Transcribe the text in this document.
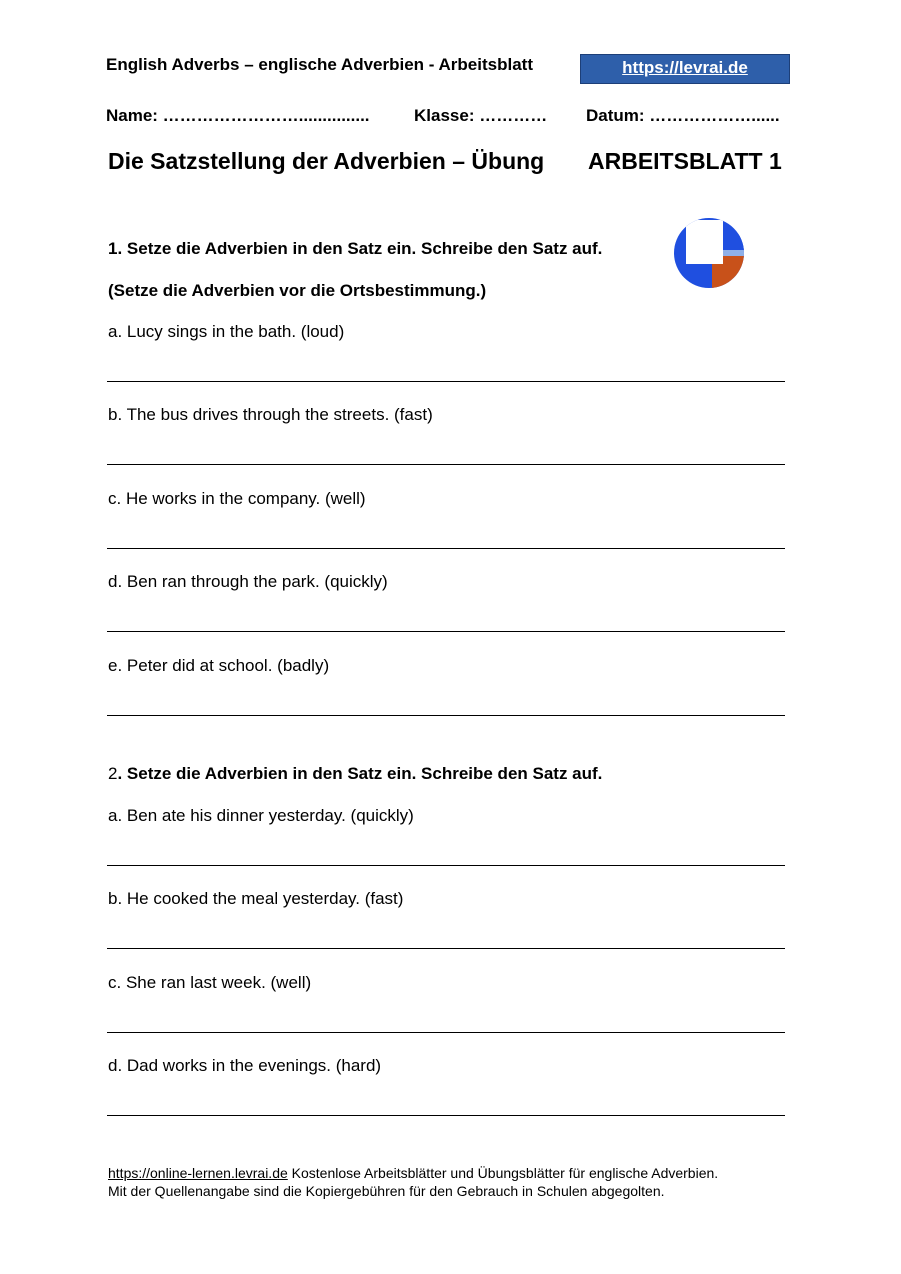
English Adverbs – englische Adverbien - Arbeitsblatt	https://levrai.de
Name: ……………………...............	Klasse: ………… Datum: ………………......
Die Satzstellung der Adverbien – Übung ARBEITSBLATT 1
1. Setze die Adverbien in den Satz ein. Schreibe den Satz auf.
(Setze die Adverbien vor die Ortsbestimmung.)
a. Lucy sings in the bath. (loud)
b. The bus drives through the streets. (fast)
c. He works in the company. (well)
d. Ben ran through the park. (quickly)
e. Peter did at school. (badly)
2. Setze die Adverbien in den Satz ein. Schreibe den Satz auf.
a. Ben ate his dinner yesterday. (quickly)
b. He cooked the meal yesterday. (fast)
c. She ran last week. (well)
d. Dad works in the evenings. (hard)
https://online-lernen.levrai.de Kostenlose Arbeitsblätter und Übungsblätter für englische Adverbien.
Mit der Quellenangabe sind die Kopiergebühren für den Gebrauch in Schulen abgegolten.
